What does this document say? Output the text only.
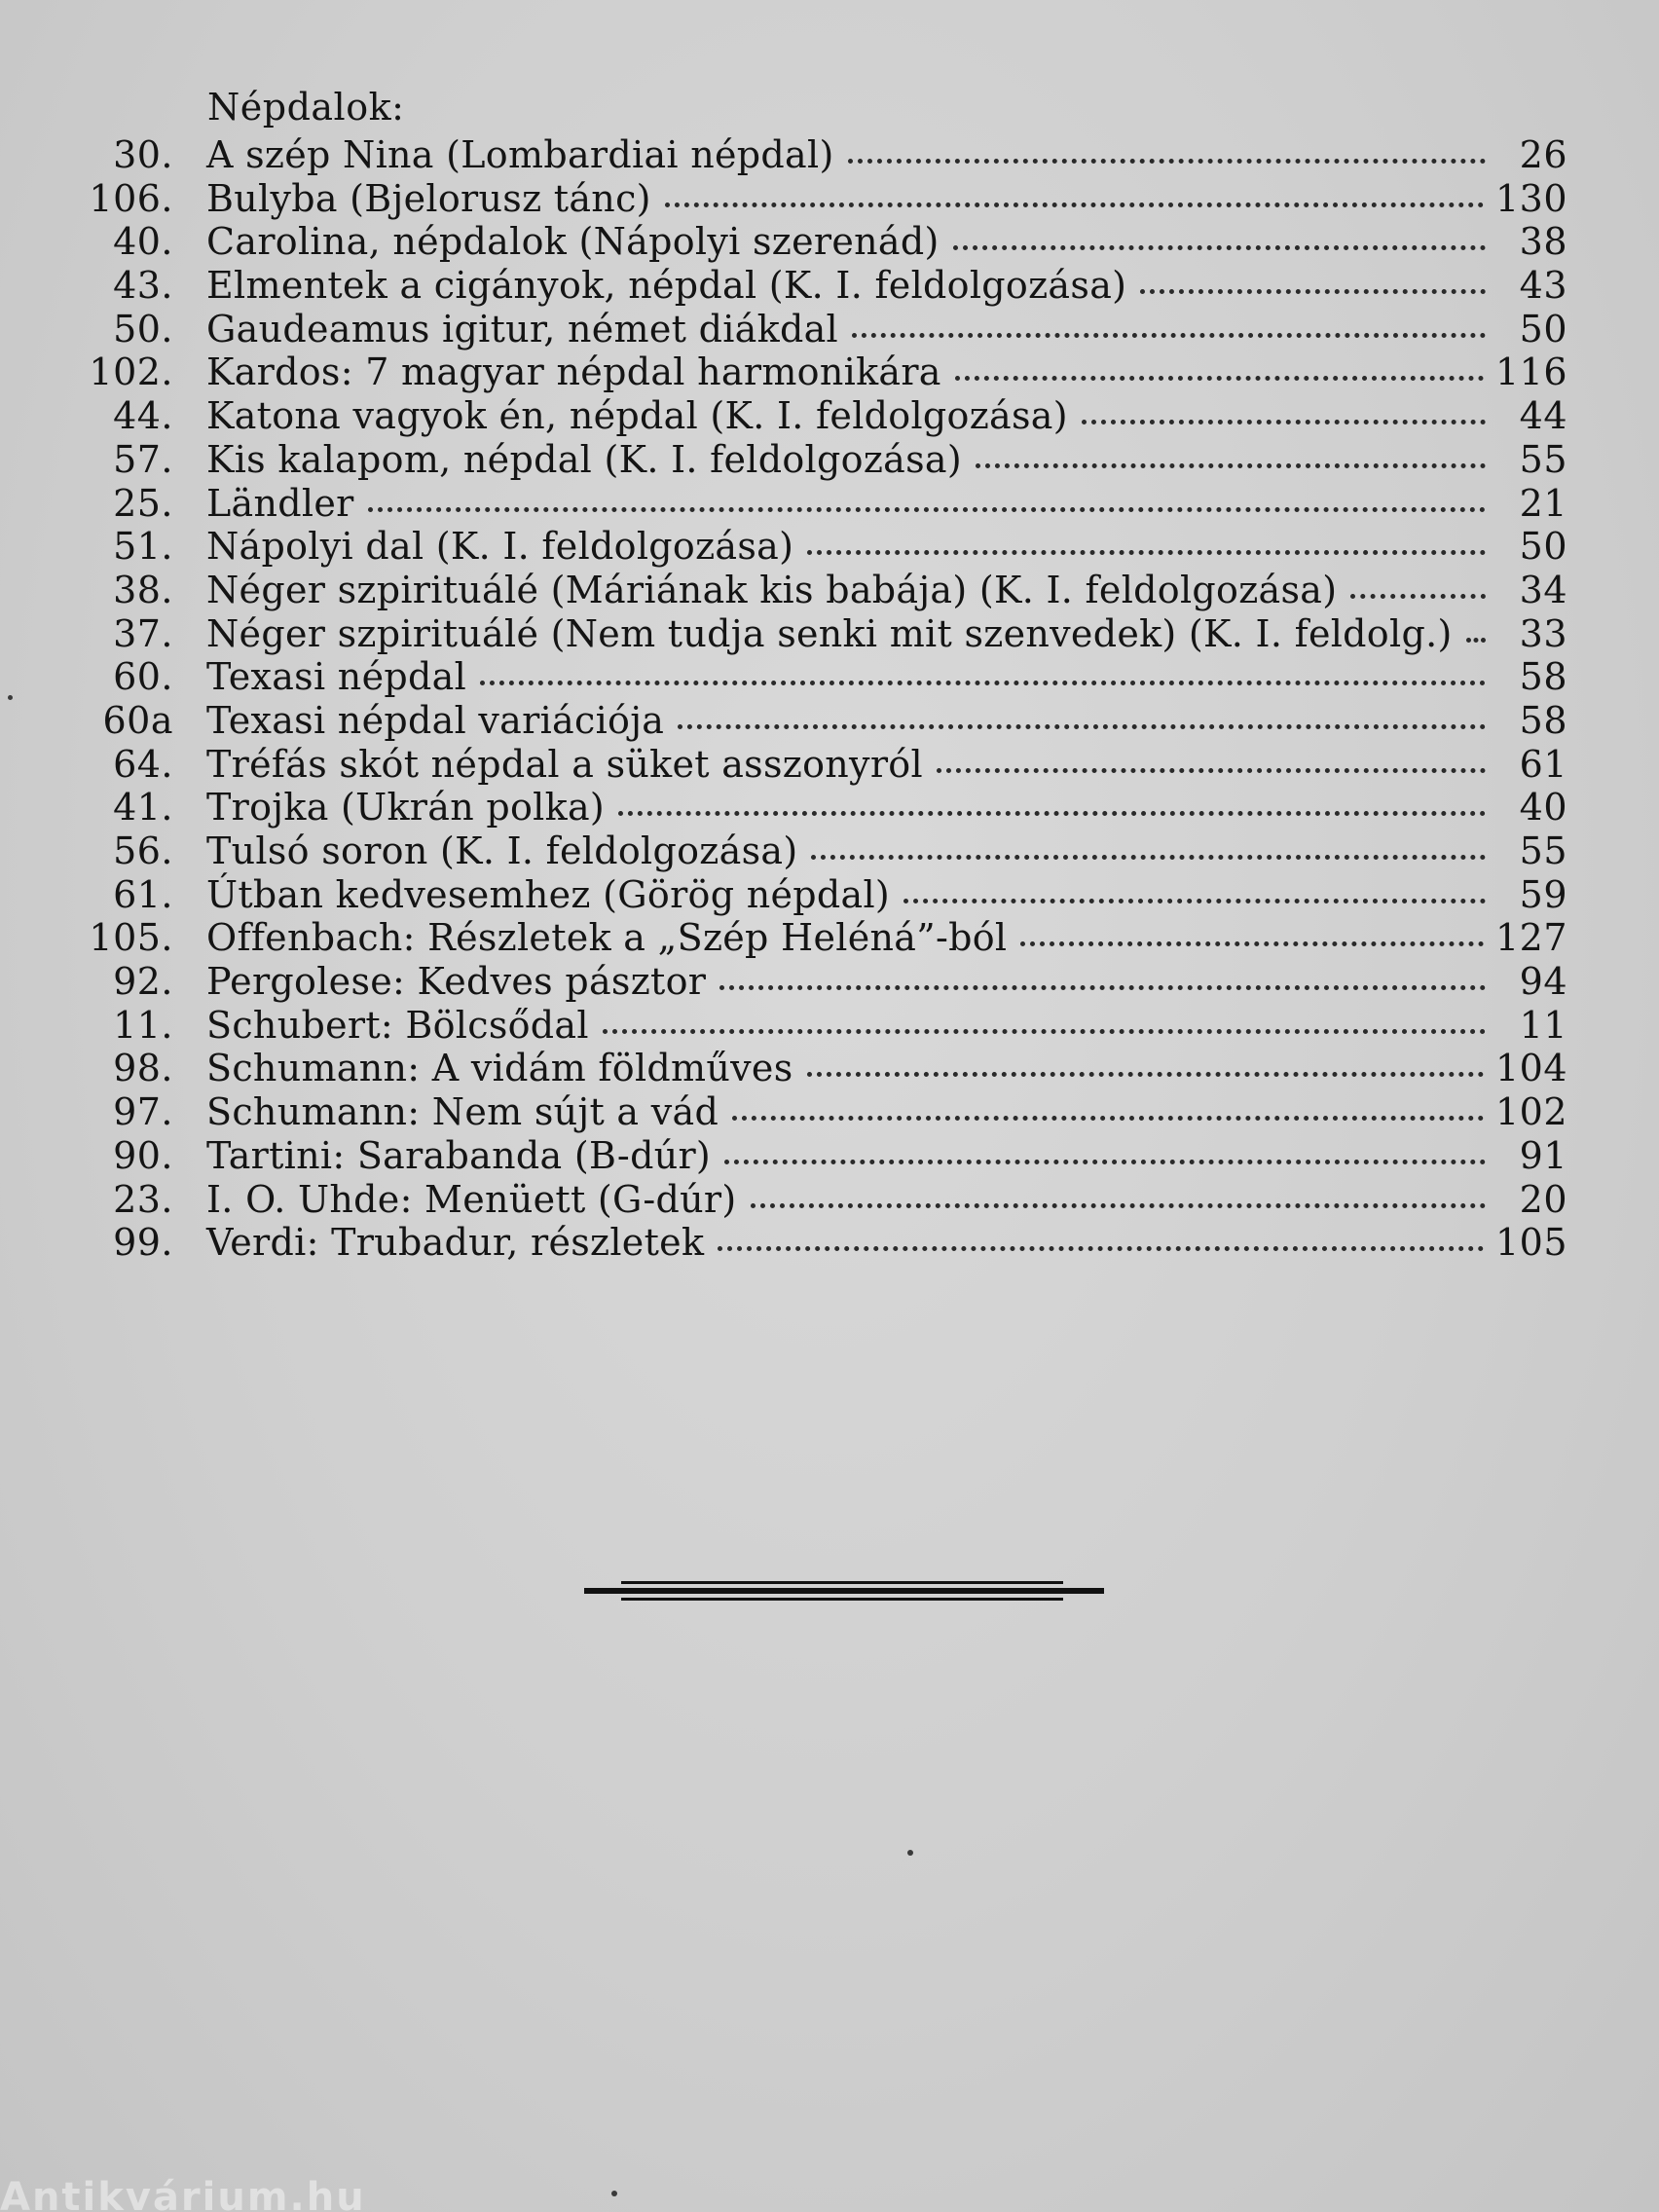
Népdalok:
30. A szép Nina (Lombardiai népdal)	26
106. Bulyba (Bjelorusz tánc)	130
40. Carolina, népdalok (Nápolyi szerenád)	38
43. Elmentek a cigányok, népdal (K. I. feldolgozása)	43
50. Gaudeamus igitur, német diákdal	50
102. Kardos: 7 magyar népdal harmonikára	116
44. Katona vagyok én, népdal (K. I. feldolgozása)	44
57. Kis kalapom, népdal (K. I. feldolgozása)	55
25. Ländler	21
51. Nápolyi dal (K. I. feldolgozása)	50
38. Néger szpirituálé (Máriának kis babája) (K. I. feldolgozása)	34
37. Néger szpirituálé (Nem tudja senki mit szenvedek) (K. I. feldolg.)	33
60. Texasi népdal	58
60a Texasi népdal variációja	58
64. Tréfás skót népdal a süket asszonyról	61
41. Trojka (Ukrán polka)	40
56. Tulsó soron (K. I. feldolgozása)	55
61. Útban kedvesemhez (Görög népdal)	59
105. Offenbach: Részletek a „Szép Heléná”-ból	127
92. Pergolese: Kedves pásztor	94
11. Schubert: Bölcsődal	11
98. Schumann: A vidám földműves	104
97. Schumann: Nem sújt a vád	102
90. Tartini: Sarabanda (B-dúr)	91
23. I. O. Uhde: Menüett (G-dúr)	20
99. Verdi: Trubadur, részletek	105
Antikvárium.hu
